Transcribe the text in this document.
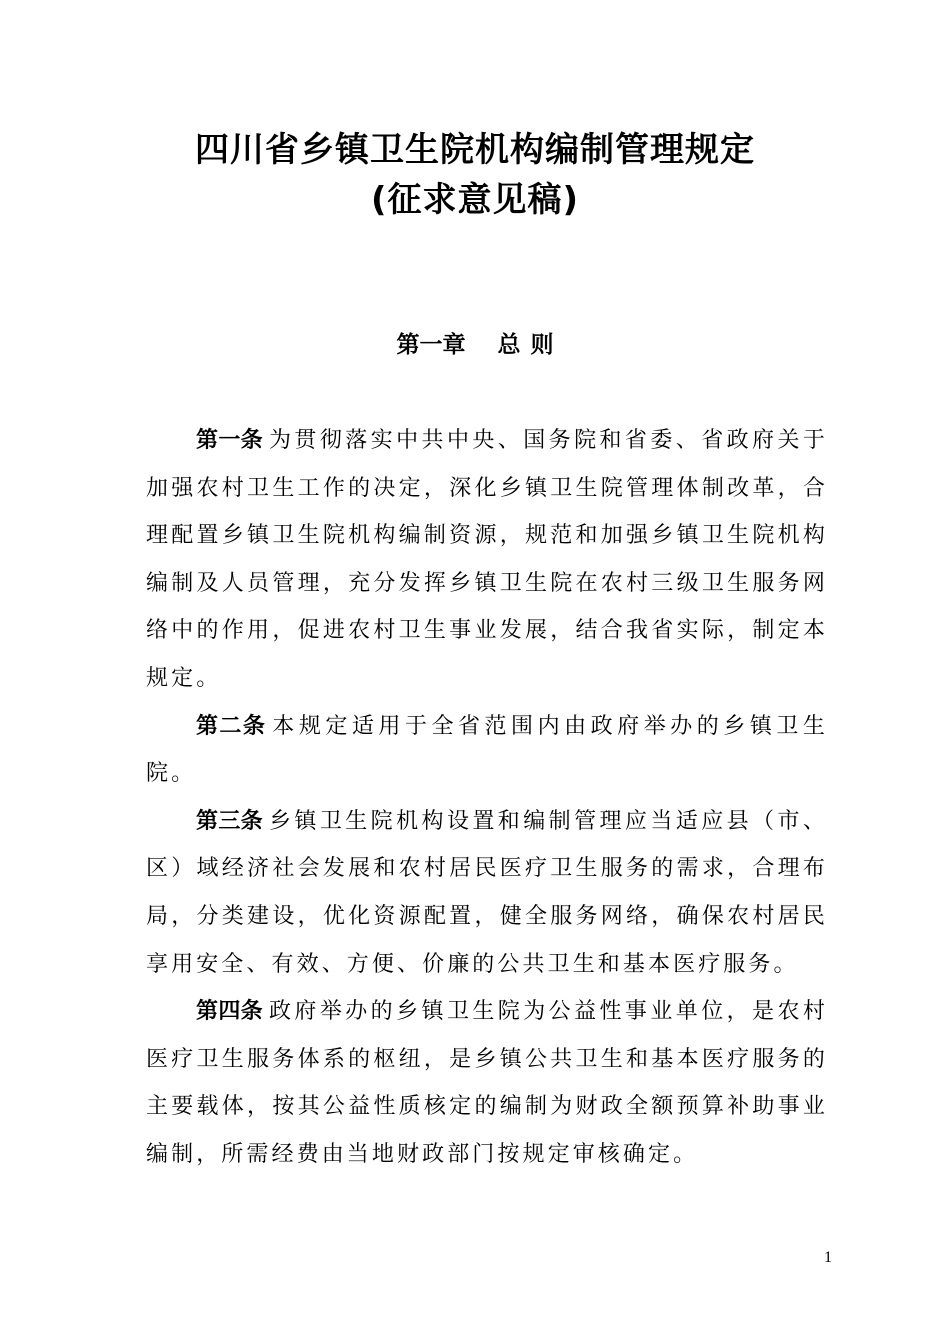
四川省乡镇卫生院机构编制管理规定
(征求意见稿)
第一章 总 则

第一条 为贯彻落实中共中央、国务院和省委、省政府关于加强农村卫生工作的决定，深化乡镇卫生院管理体制改革，合理配置乡镇卫生院机构编制资源，规范和加强乡镇卫生院机构编制及人员管理，充分发挥乡镇卫生院在农村三级卫生服务网络中的作用，促进农村卫生事业发展，结合我省实际，制定本规定。

第二条 本规定适用于全省范围内由政府举办的乡镇卫生院。

第三条 乡镇卫生院机构设置和编制管理应当适应县（市、区）域经济社会发展和农村居民医疗卫生服务的需求，合理布局，分类建设，优化资源配置，健全服务网络，确保农村居民享用安全、有效、方便、价廉的公共卫生和基本医疗服务。

第四条 政府举办的乡镇卫生院为公益性事业单位，是农村医疗卫生服务体系的枢纽，是乡镇公共卫生和基本医疗服务的主要载体，按其公益性质核定的编制为财政全额预算补助事业编制，所需经费由当地财政部门按规定审核确定。

1
